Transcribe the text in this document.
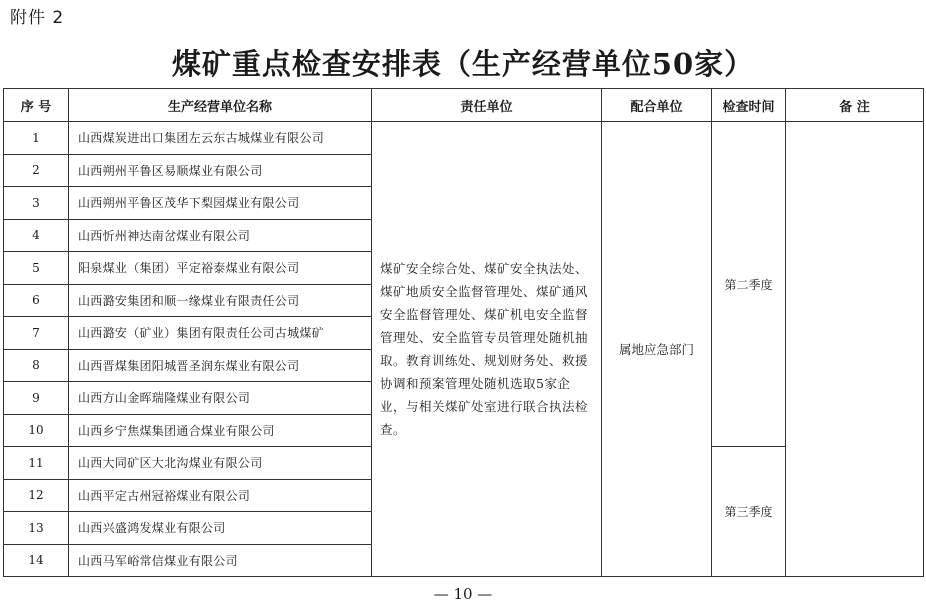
附件 2
煤矿重点检查安排表（生产经营单位50家）
序 号	生产经营单位名称	责任单位	配合单位	检查时间	备 注
1	山西煤炭进出口集团左云东古城煤业有限公司	煤矿安全综合处、煤矿安全执法处、煤矿地质安全监督管理处、煤矿通风安全监督管理处、煤矿机电安全监督管理处、安全监管专员管理处随机抽取。教育训练处、规划财务处、救援协调和预案管理处随机选取5家企业，与相关煤矿处室进行联合执法检查。	属地应急部门	第二季度	
2	山西朔州平鲁区易顺煤业有限公司				
3	山西朔州平鲁区茂华下梨园煤业有限公司				
4	山西忻州神达南岔煤业有限公司				
5	阳泉煤业（集团）平定裕泰煤业有限公司				
6	山西潞安集团和顺一缘煤业有限责任公司				
7	山西潞安（矿业）集团有限责任公司古城煤矿				
8	山西晋煤集团阳城晋圣润东煤业有限公司				
9	山西方山金晖瑞隆煤业有限公司				
10	山西乡宁焦煤集团通合煤业有限公司				
11	山西大同矿区大北沟煤业有限公司			第三季度	
12	山西平定古州冠裕煤业有限公司				
13	山西兴盛鸿发煤业有限公司				
14	山西马军峪常信煤业有限公司				
— 10 —
